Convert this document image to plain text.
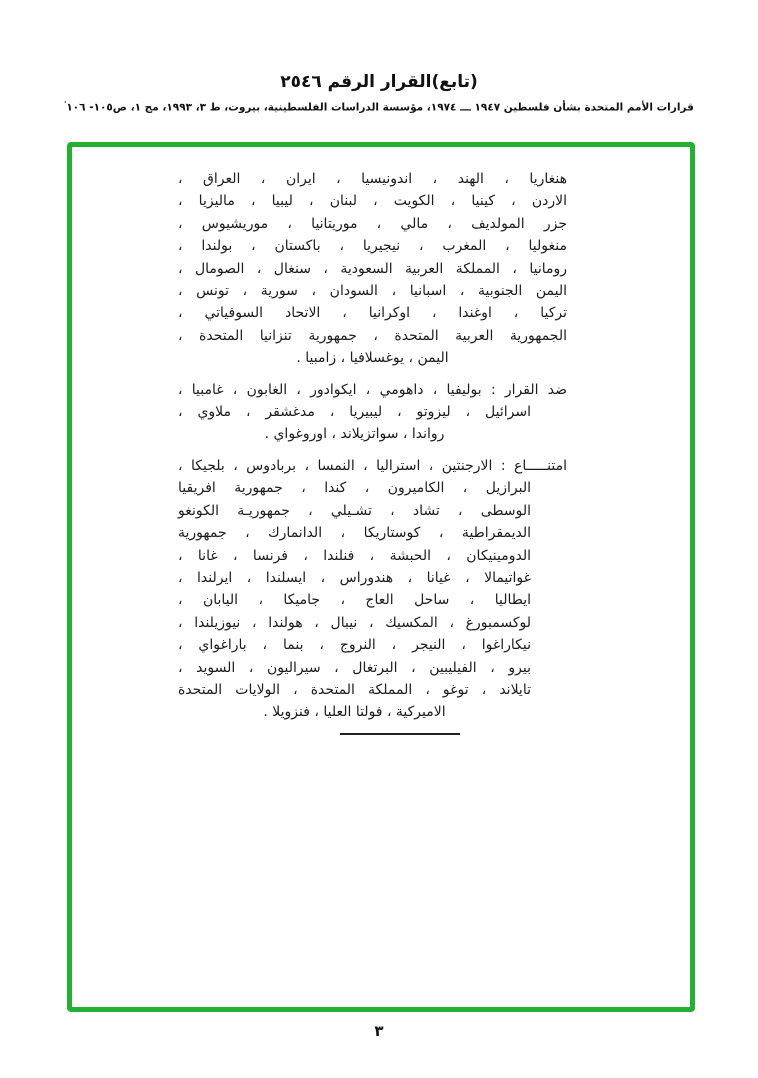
(تابع)القرار الرقم ٢٥٤٦
قرارات الأمم المتحدة بشأن فلسطين ١٩٤٧ ـــ ١٩٧٤، مؤسسة الدراسات الفلسطينية، بيروت، ط ٣، ١٩٩٣، مج ١، ص١٠٥- ١٠٦'
هنغاريا ، الهند ، اندونيسيا ، ايران ، العراق ،
الاردن ، كينيا ، الكويت ، لبنان ، ليبيا ، ماليزيا ،
جزر المولديف ، مالي ، موريتانيا ، موريشيوس ،
منغوليا ، المغرب ، نيجيريا ، باكستان ، بولندا ،
رومانيا ، المملكة العربية السعودية ، سنغال ، الصومال ،
اليمن الجنوبية ، اسبانيا ، السودان ، سورية ، تونس ،
تركيا ، اوغندا ، اوكرانيا ، الاتحاد السوفياتي ،
الجمهورية العربية المتحدة ، جمهورية تنزانيا المتحدة ،
اليمن ، يوغسلافيا ، زامبيا .
ضد القرار : بوليفيا ، داهومي ، ايكوادور ، الغابون ، غامبيا ،
اسرائيل ، ليزوتو ، ليبيريا ، مدغشقر ، ملاوي ،
رواندا ، سواتزيلاند ، اوروغواي .
امتنـــــاع : الارجنتين ، استراليا ، النمسا ، بربادوس ، بلجيكا ،
البرازيل ، الكاميرون ، كندا ، جمهورية افريقيا
الوسطى ، تشاد ، تشـيلي ، جمهوريـة الكونغو
الديمقراطية ، كوستاريكا ، الدانمارك ، جمهورية
الدومينيكان ، الحبشة ، فنلندا ، فرنسا ، غانا ،
غواتيمالا ، غيانا ، هندوراس ، ايسلندا ، ايرلندا ،
ايطاليا ، ساحل العاج ، جاميكا ، اليابان ،
لوكسمبورغ ، المكسيك ، نيبال ، هولندا ، نيوزيلندا ،
نيكاراغوا ، النيجر ، النروج ، بنما ، باراغواي ،
بيرو ، الفيليبين ، البرتغال ، سيراليون ، السويد ،
تايلاند ، توغو ، المملكة المتحدة ، الولايات المتحدة
الاميركية ، فولتا العليا ، فنزويلا .
٣
